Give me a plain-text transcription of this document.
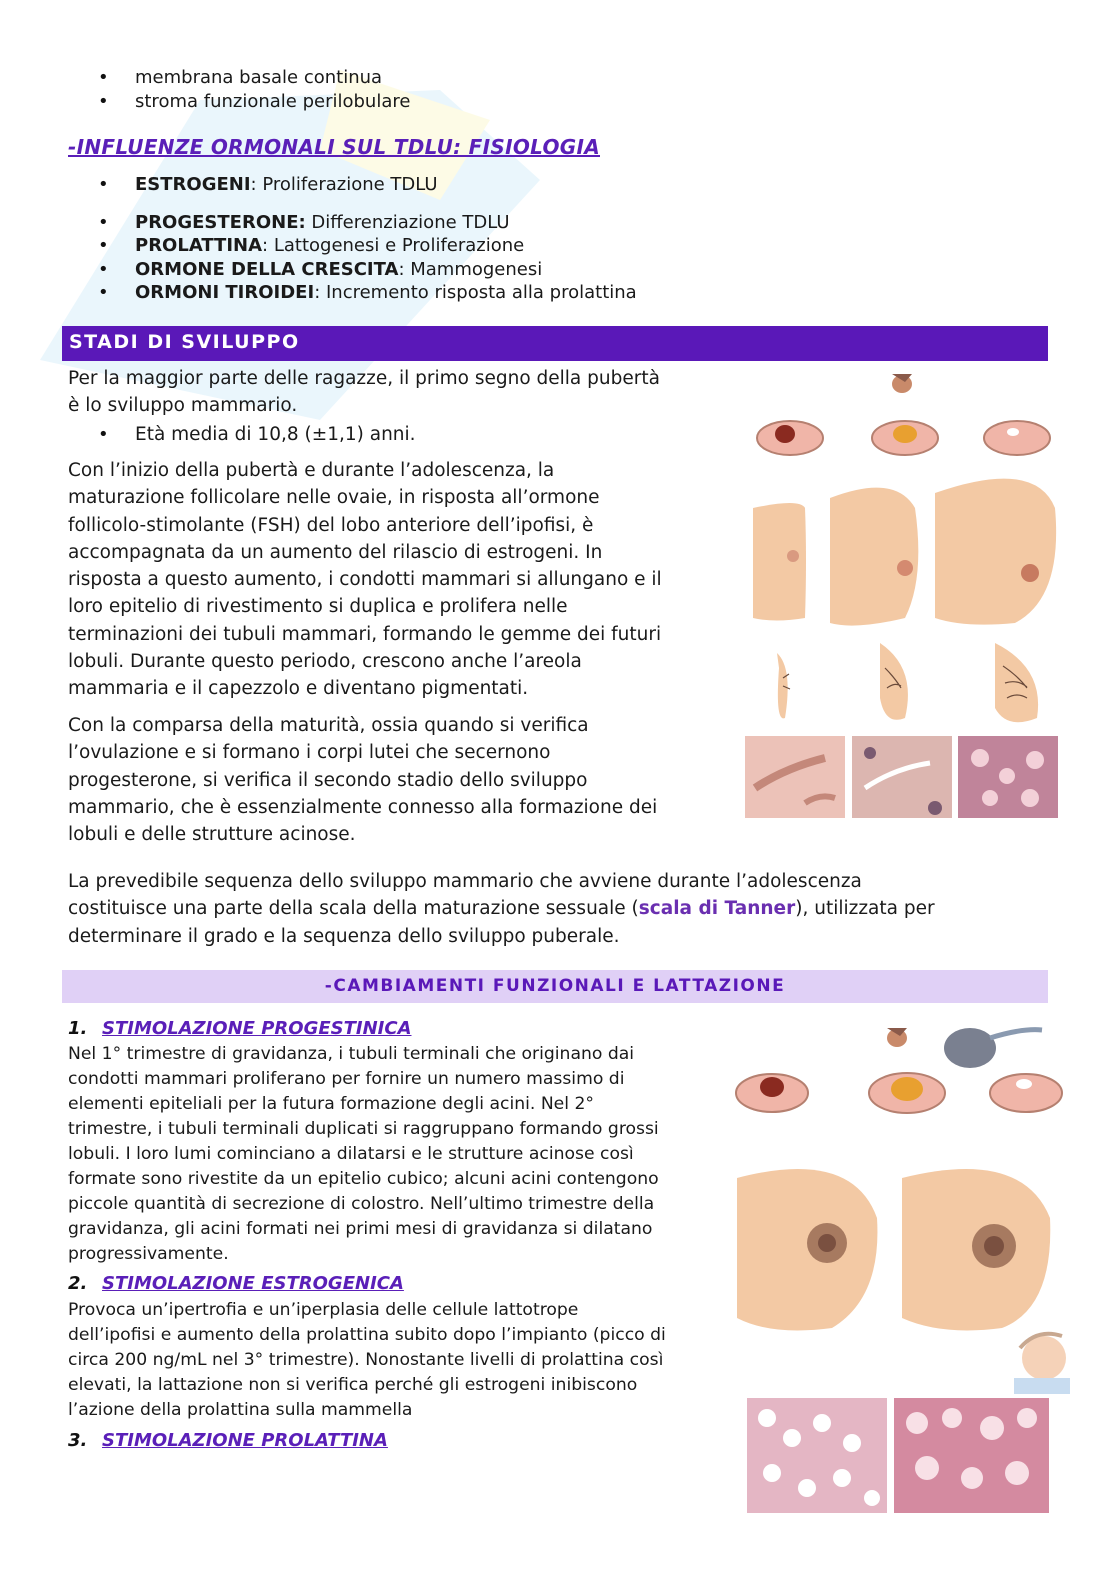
• membrana basale continua
• stroma funzionale perilobulare

-INFLUENZE ORMONALI SUL TDLU: FISIOLOGIA

• ESTROGENI: Proliferazione TDLU
• PROGESTERONE: Differenziazione TDLU
• PROLATTINA: Lattogenesi e Proliferazione
• ORMONE DELLA CRESCITA: Mammogenesi
• ORMONI TIROIDEI: Incremento risposta alla prolattina
STADI DI SVILUPPO

Per la maggior parte delle ragazze, il primo segno della pubertà
è lo sviluppo mammario.

• Età media di 10,8 (±1,1) anni.

Con l’inizio della pubertà e durante l’adolescenza, la
maturazione follicolare nelle ovaie, in risposta all’ormone
follicolo-stimolante (FSH) del lobo anteriore dell’ipofisi, è
accompagnata da un aumento del rilascio di estrogeni. In
risposta a questo aumento, i condotti mammari si allungano e il
loro epitelio di rivestimento si duplica e prolifera nelle
terminazioni dei tubuli mammari, formando le gemme dei futuri
lobuli. Durante questo periodo, crescono anche l’areola
mammaria e il capezzolo e diventano pigmentati.

Con la comparsa della maturità, ossia quando si verifica
l’ovulazione e si formano i corpi lutei che secernono
progesterone, si verifica il secondo stadio dello sviluppo
mammario, che è essenzialmente connesso alla formazione dei
lobuli e delle strutture acinose.

La prevedibile sequenza dello sviluppo mammario che avviene durante l’adolescenza
costituisce una parte della scala della maturazione sessuale (scala di Tanner), utilizzata per
determinare il grado e la sequenza dello sviluppo puberale.

-CAMBIAMENTI FUNZIONALI E LATTAZIONE

1. STIMOLAZIONE PROGESTINICA

Nel 1° trimestre di gravidanza, i tubuli terminali che originano dai
condotti mammari proliferano per fornire un numero massimo di
elementi epiteliali per la futura formazione degli acini. Nel 2°
trimestre, i tubuli terminali duplicati si raggruppano formando grossi
lobuli. I loro lumi cominciano a dilatarsi e le strutture acinose così
formate sono rivestite da un epitelio cubico; alcuni acini contengono
piccole quantità di secrezione di colostro. Nell’ultimo trimestre della
gravidanza, gli acini formati nei primi mesi di gravidanza si dilatano
progressivamente.

2. STIMOLAZIONE ESTROGENICA

Provoca un’ipertrofia e un’iperplasia delle cellule lattotrope
dell’ipofisi e aumento della prolattina subito dopo l’impianto (picco di
circa 200 ng/mL nel 3° trimestre). Nonostante livelli di prolattina così
elevati, la lattazione non si verifica perché gli estrogeni inibiscono
l’azione della prolattina sulla mammella

3. STIMOLAZIONE PROLATTINA
